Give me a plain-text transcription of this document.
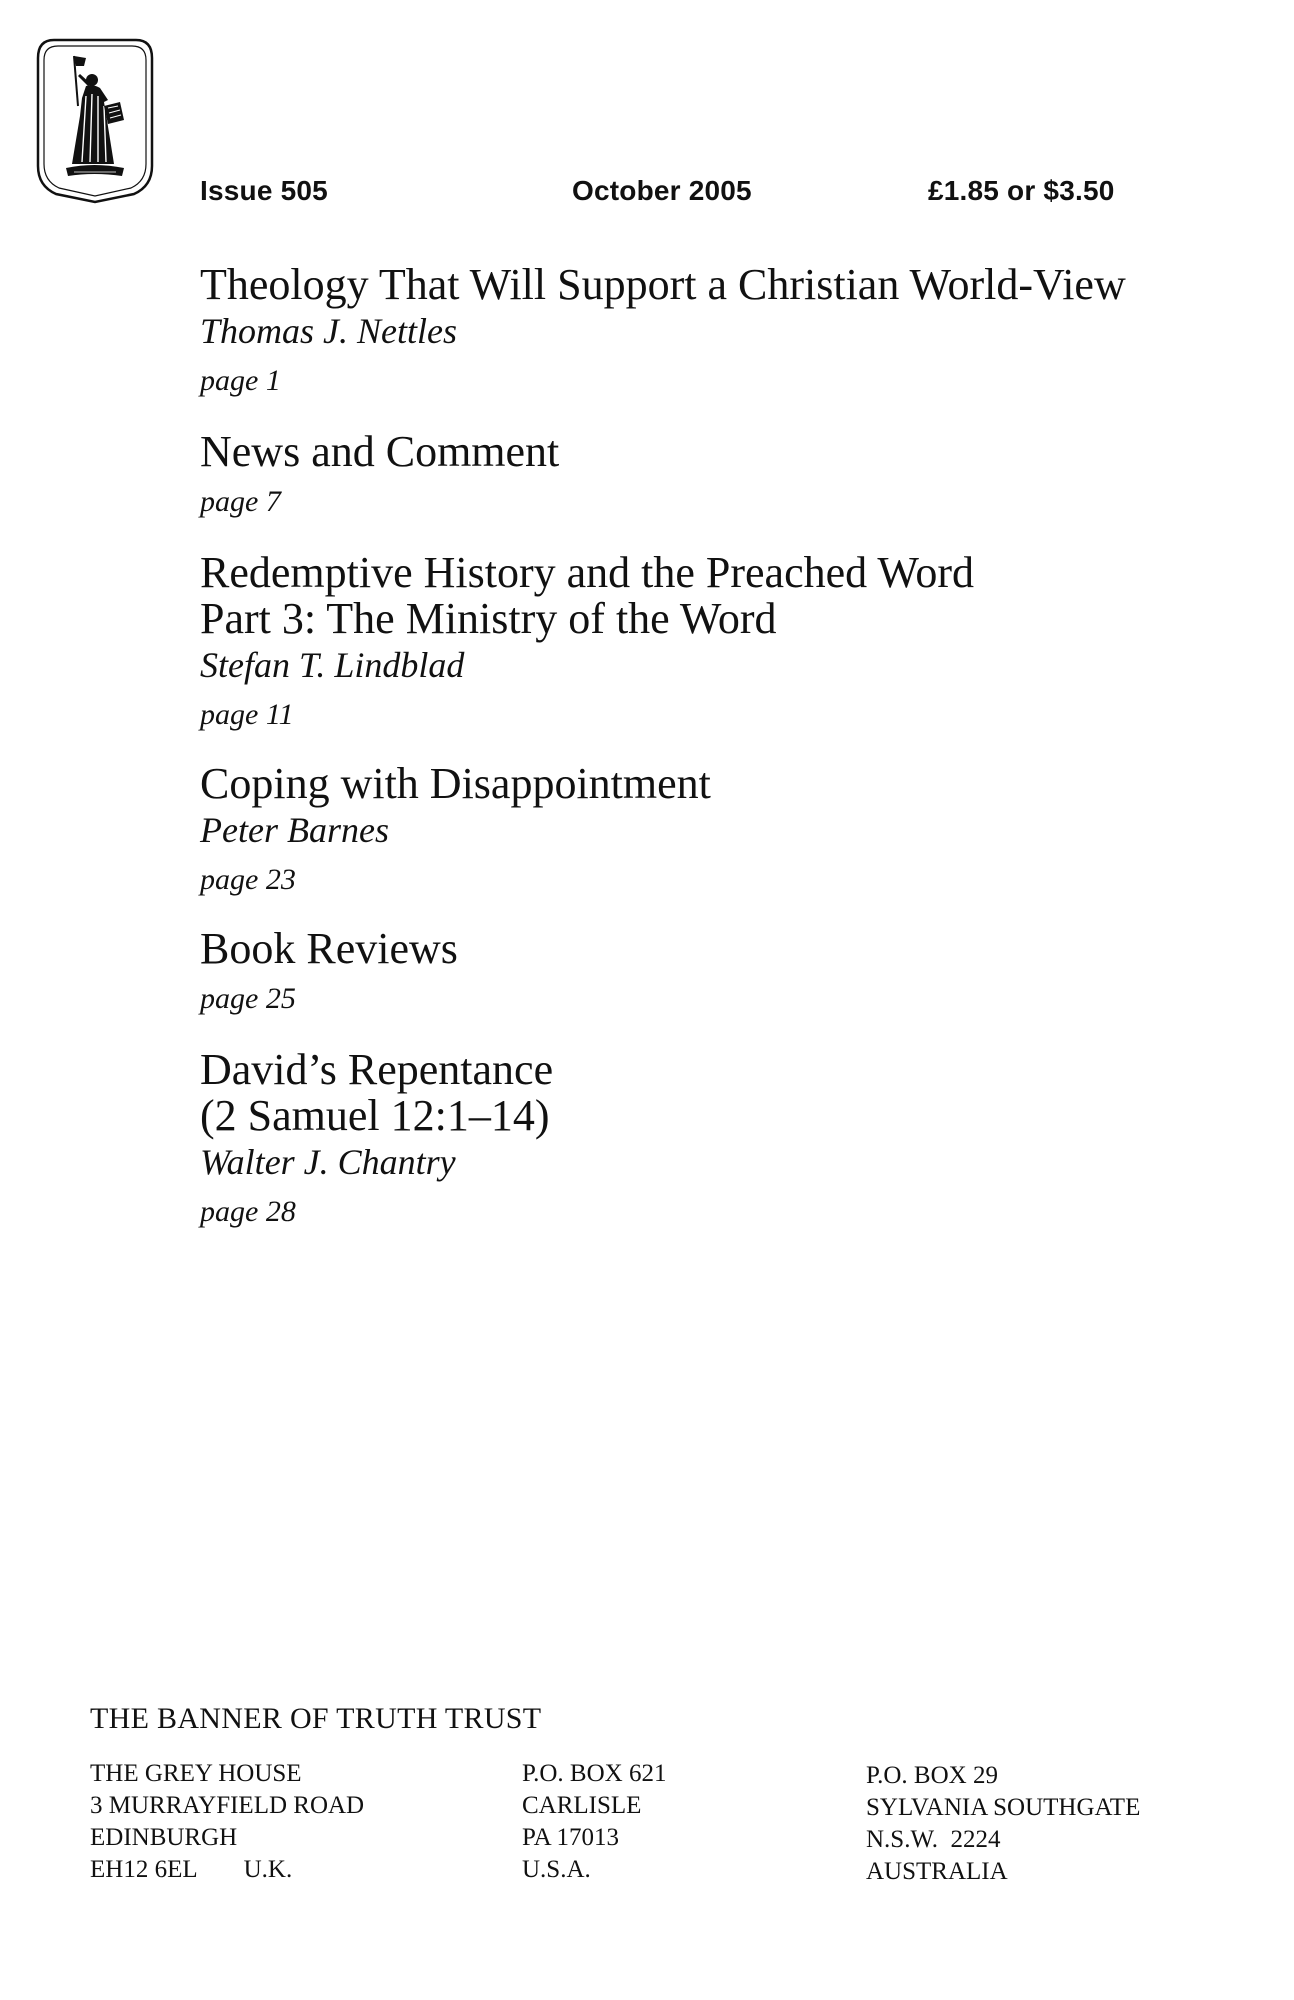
Issue 505	October 2005	£1.85 or $3.50
Theology That Will Support a Christian World-View
Thomas J. Nettles
page 1
News and Comment
page 7
Redemptive History and the Preached Word
Part 3: The Ministry of the Word
Stefan T. Lindblad
page 11
Coping with Disappointment
Peter Barnes
page 23
Book Reviews
page 25
David’s Repentance
(2 Samuel 12:1–14)
Walter J. Chantry
page 28
THE BANNER OF TRUTH TRUST
THE GREY HOUSE
3 MURRAYFIELD ROAD
EDINBURGH
EH12 6EL U.K.
P.O. BOX 621
CARLISLE
PA 17013
U.S.A.
P.O. BOX 29
SYLVANIA SOUTHGATE
N.S.W.  2224
AUSTRALIA
